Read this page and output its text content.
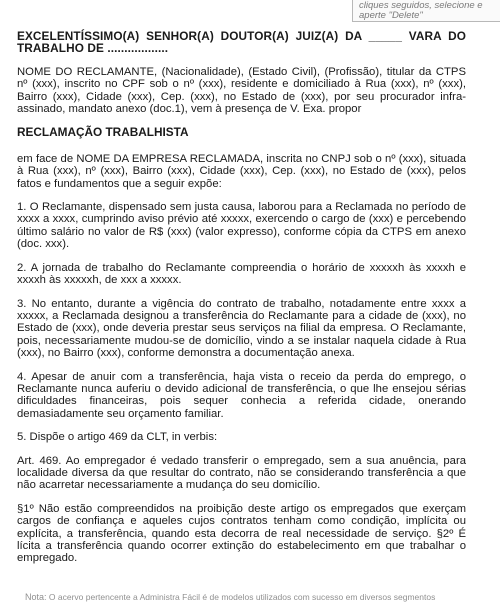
cliques seguidos, selecione e
aperte "Delete"

EXCELENTÍSSIMO(A) SENHOR(A) DOUTOR(A) JUIZ(A) DA _____ VARA DO TRABALHO DE ..................

NOME DO RECLAMANTE, (Nacionalidade), (Estado Civil), (Profissão), titular da CTPS nº (xxx), inscrito no CPF sob o nº (xxx), residente e domiciliado à Rua (xxx), nº (xxx), Bairro (xxx), Cidade (xxx), Cep. (xxx), no Estado de (xxx), por seu procurador infra-assinado, mandato anexo (doc.1), vem à presença de V. Exa. propor

RECLAMAÇÃO TRABALHISTA

em face de NOME DA EMPRESA RECLAMADA, inscrita no CNPJ sob o nº (xxx), situada à Rua (xxx), nº (xxx), Bairro (xxx), Cidade (xxx), Cep. (xxx), no Estado de (xxx), pelos fatos e fundamentos que a seguir expõe:

1. O Reclamante, dispensado sem justa causa, laborou para a Reclamada no período de xxxx a xxxx, cumprindo aviso prévio até xxxxx, exercendo o cargo de (xxx) e percebendo último salário no valor de R$ (xxx) (valor expresso), conforme cópia da CTPS em anexo (doc. xxx).

2. A jornada de trabalho do Reclamante compreendia o horário de xxxxxh às xxxxh e xxxxh às xxxxxh, de xxx a xxxxx.

3. No entanto, durante a vigência do contrato de trabalho, notadamente entre xxxx a xxxxx, a Reclamada designou a transferência do Reclamante para a cidade de (xxx), no Estado de (xxx), onde deveria prestar seus serviços na filial da empresa. O Reclamante, pois, necessariamente mudou-se de domicílio, vindo a se instalar naquela cidade à Rua (xxx), no Bairro (xxx), conforme demonstra a documentação anexa.

4. Apesar de anuir com a transferência, haja vista o receio da perda do emprego, o Reclamante nunca auferiu o devido adicional de transferência, o que lhe ensejou sérias dificuldades financeiras, pois sequer conhecia a referida cidade, onerando demasiadamente seu orçamento familiar.

5. Dispõe o artigo 469 da CLT, in verbis:

Art. 469. Ao empregador é vedado transferir o empregado, sem a sua anuência, para localidade diversa da que resultar do contrato, não se considerando transferência a que não acarretar necessariamente a mudança do seu domicílio.

§1º Não estão compreendidos na proibição deste artigo os empregados que exerçam cargos de confiança e aqueles cujos contratos tenham como condição, implícita ou explícita, a transferência, quando esta decorra de real necessidade de serviço. §2º É lícita a transferência quando ocorrer extinção do estabelecimento em que trabalhar o empregado.

Nota: O acervo pertencente a Administra Fácil é de modelos utilizados com sucesso em diversos segmentos
